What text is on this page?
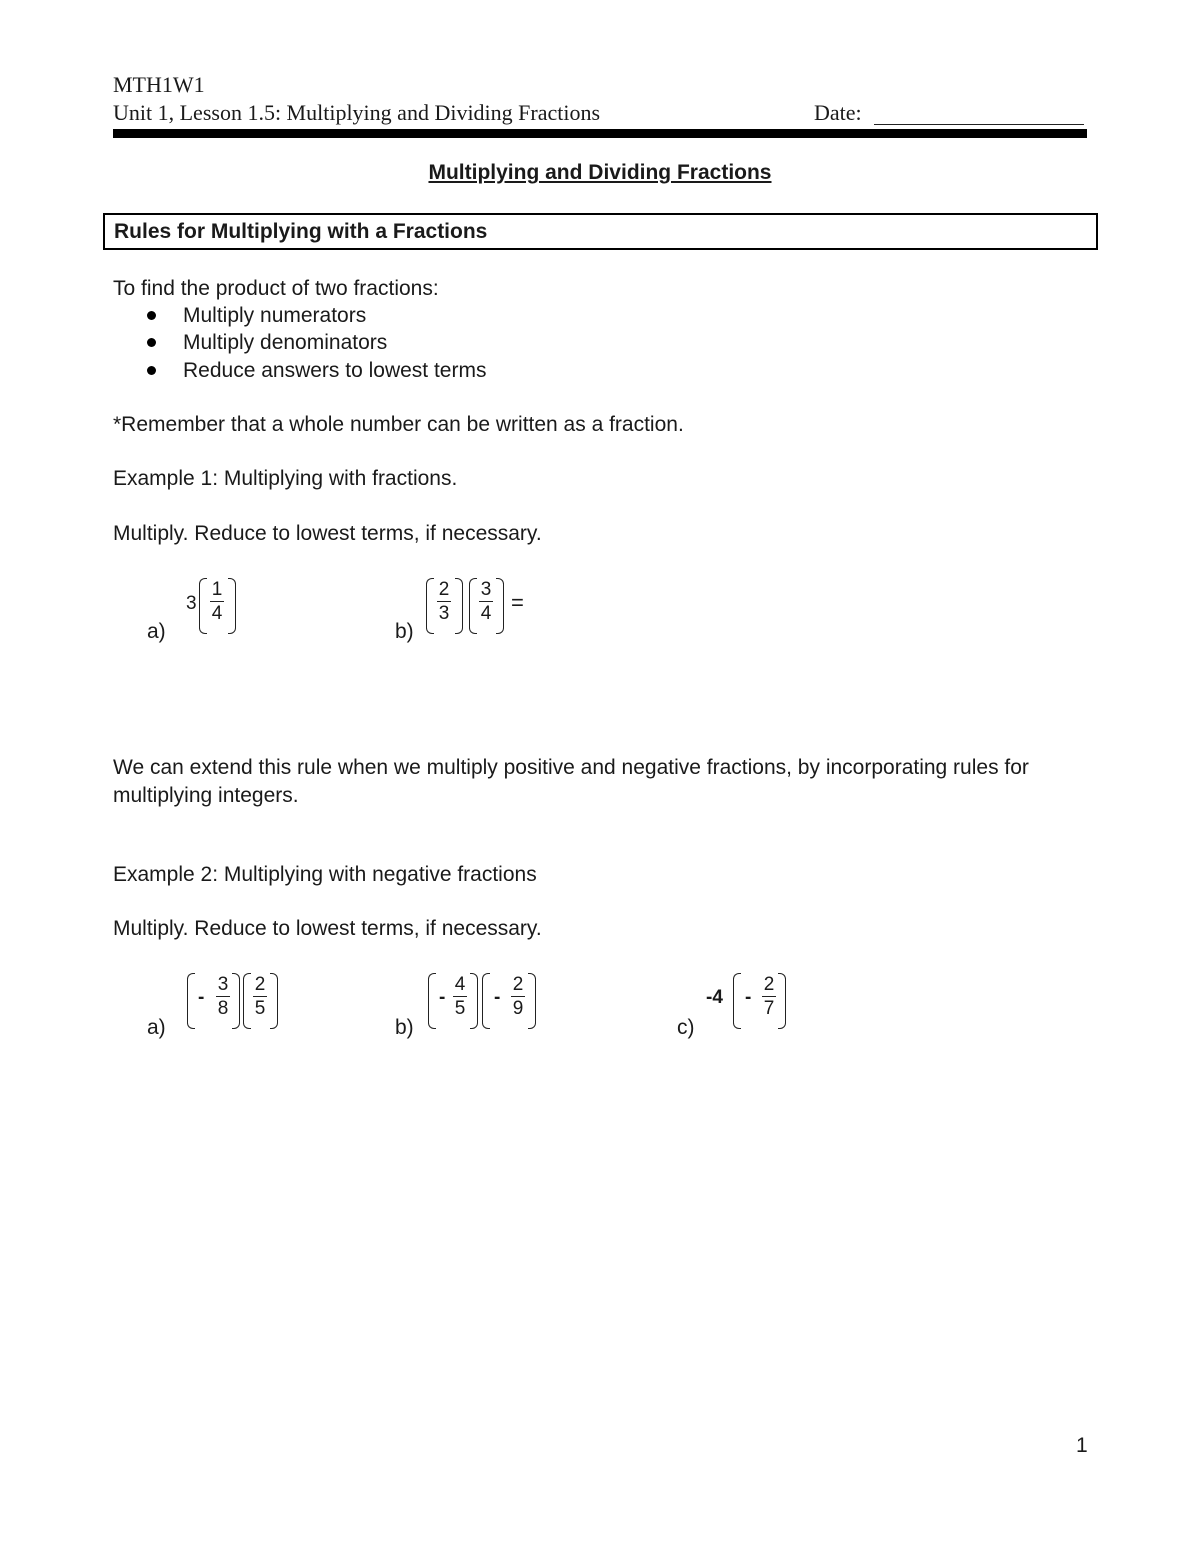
MTH1W1
Unit 1, Lesson 1.5: Multiplying and Dividing Fractions	Date:
Multiplying and Dividing Fractions
Rules for Multiplying with a Fractions
To find the product of two fractions:
Multiply numerators
Multiply denominators
Reduce answers to lowest terms
*Remember that a whole number can be written as a fraction.
Example 1: Multiplying with fractions.
Multiply. Reduce to lowest terms, if necessary.
a)
3
1
4
b)
2
3
3
4 =
We can extend this rule when we multiply positive and negative fractions, by incorporating rules for multiplying integers.
Example 2: Multiplying with negative fractions
Multiply. Reduce to lowest terms, if necessary.
a)
-
3
8
2
5
b)
-
4
5
-
2
9
c)
-4 -
2
7
1
